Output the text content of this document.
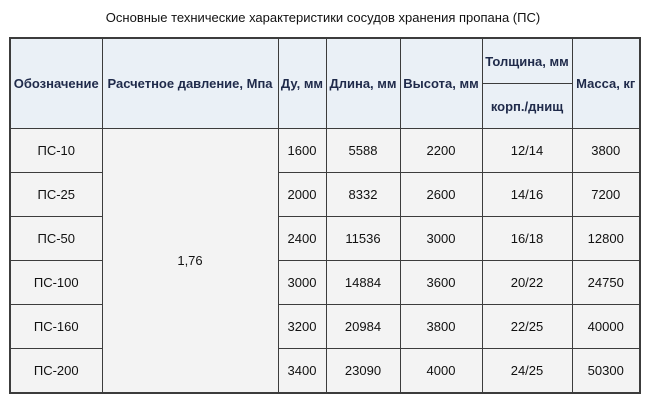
Основные технические характеристики сосудов хранения пропана (ПС)
Обозначение	Расчетное давление, Мпа	Ду, мм	Длина, мм	Высота, мм	Толщина, мм	Масса, кг
					корп./днищ	
ПС-10	1,76	1600	5588	2200	12/14	3800
ПС-25		2000	8332	2600	14/16	7200
ПС-50		2400	11536	3000	16/18	12800
ПС-100		3000	14884	3600	20/22	24750
ПС-160		3200	20984	3800	22/25	40000
ПС-200		3400	23090	4000	24/25	50300
